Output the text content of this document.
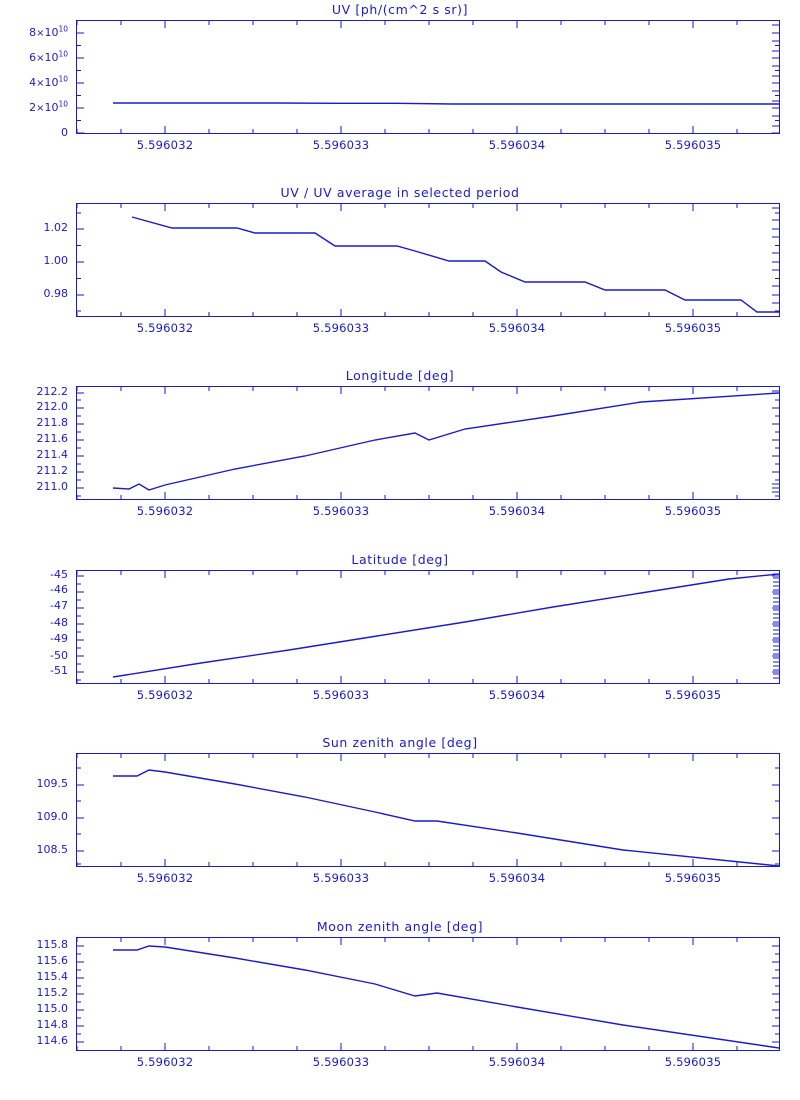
UV [ph/(cm^2 s sr)]
0
$2\times 10^{10}$
$4\times 10^{10}$
$6\times 10^{10}$
$8\times 10^{10}$
5.596032	5.596033	5.596034	5.596035
UV / UV average in selected period
0.98
1.00
1.02
5.596032	5.596033	5.596034	5.596035
Longitude [deg]
211.0
211.2
211.4
211.6
211.8
212.0
212.2
5.596032	5.596033	5.596034	5.596035
Latitude [deg]
-51
-50
-49
-48
-47
-46
-45
5.596032	5.596033	5.596034	5.596035
Sun zenith angle [deg]
108.5
109.0
109.5
5.596032	5.596033	5.596034	5.596035
Moon zenith angle [deg]
114.6
114.8
115.0
115.2
115.4
115.6
115.8
5.596032	5.596033	5.596034	5.596035
